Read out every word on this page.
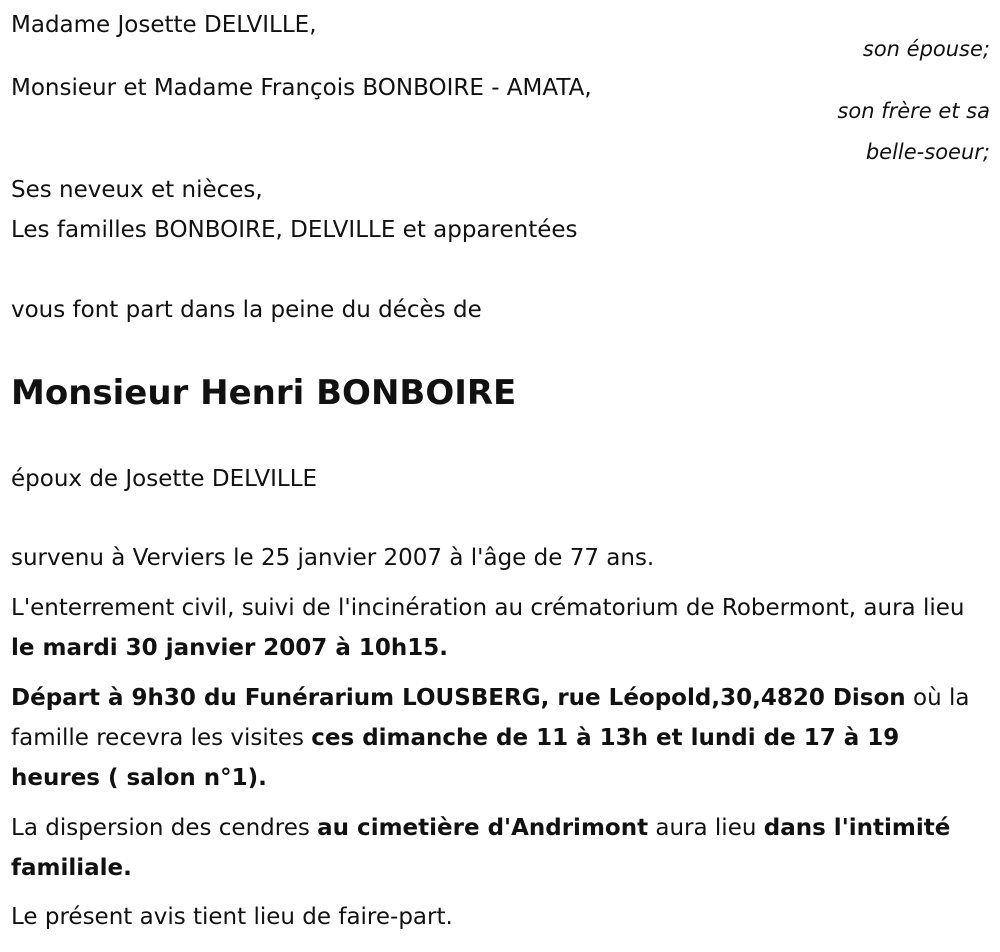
Madame Josette DELVILLE,

son épouse;

Monsieur et Madame François BONBOIRE - AMATA,

son frère et sa

belle-soeur;

Ses neveux et nièces,

Les familles BONBOIRE, DELVILLE et apparentées

vous font part dans la peine du décès de

Monsieur Henri BONBOIRE

époux de Josette DELVILLE

survenu à Verviers le 25 janvier 2007 à l'âge de 77 ans.

L'enterrement civil, suivi de l'incinération au crématorium de Robermont, aura lieu le mardi 30 janvier 2007 à 10h15.

Départ à 9h30 du Funérarium LOUSBERG, rue Léopold,30,4820 Dison où la famille recevra les visites ces dimanche de 11 à 13h et lundi de 17 à 19 heures ( salon n°1).

La dispersion des cendres au cimetière d'Andrimont aura lieu dans l'intimité familiale.

Le présent avis tient lieu de faire-part.
